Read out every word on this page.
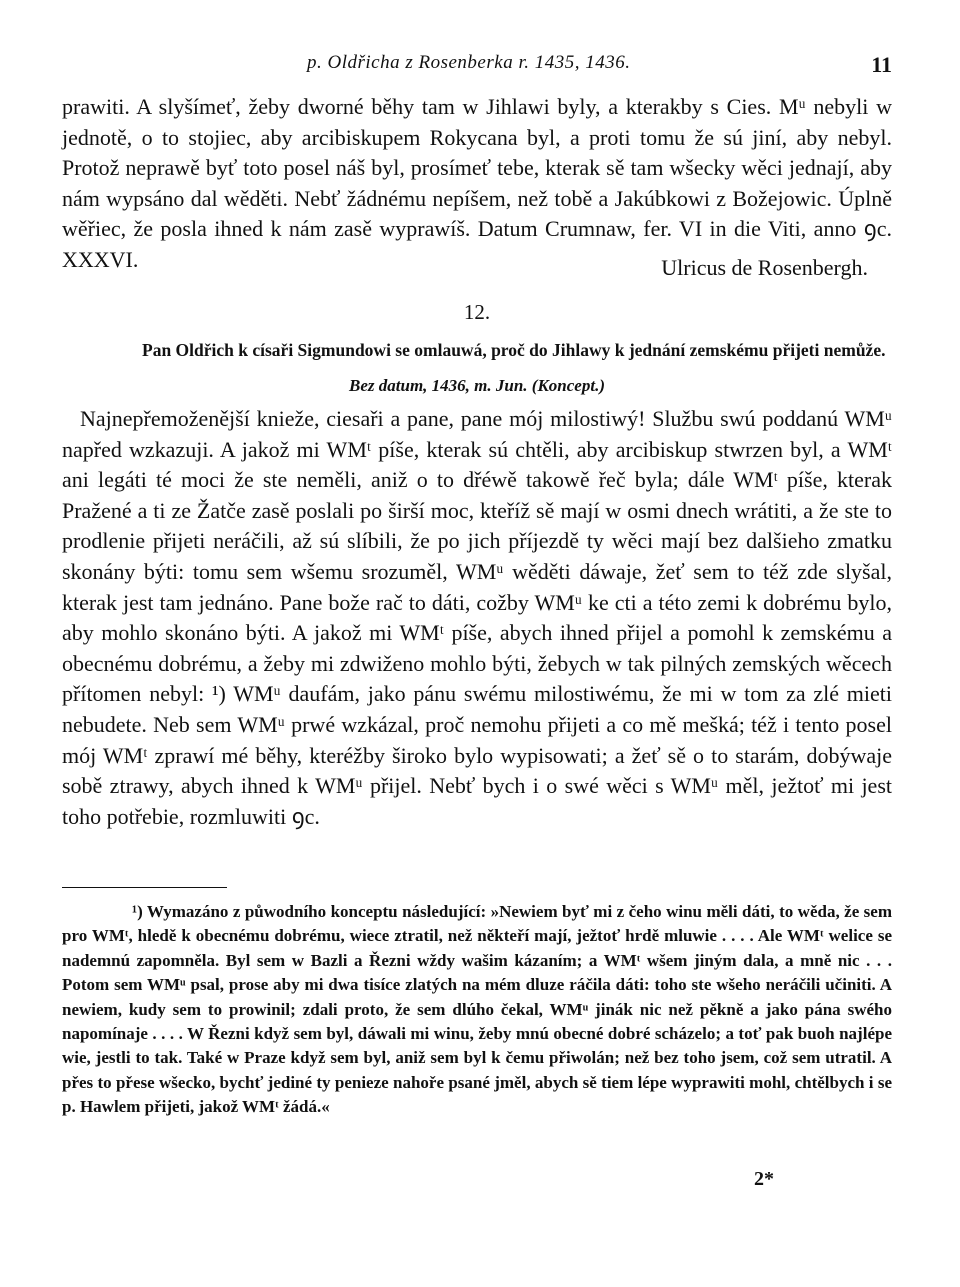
p. Oldřicha z Rosenberka r. 1435, 1436.	11

prawiti. A slyšímeť, žeby dworné běhy tam w Jihlawi byly, a kterakby s Cies. Mᵘ nebyli w jednotě, o to stojiec, aby arcibiskupem Rokycana byl, a proti tomu že sú jiní, aby nebyl. Protož neprawě byť toto posel náš byl, prosímeť tebe, kterak sě tam wšecky wěci jednají, aby nám wypsáno dal wěděti. Nebť žádnému nepíšem, než tobě a Jakúbkowi z Božejowic. Úplně wěřiec, že posla ihned k nám zasě wyprawíš. Datum Crumnaw, fer. VI in die Viti, anno ꝯc. XXXVI.	Ulricus de Rosenbergh.
12.

Pan Oldřich k císaři Sigmundowi se omlauwá, proč do Jihlawy k jednání zemskému přijeti nemůže.

Bez datum, 1436, m. Jun. (Koncept.)

Najnepřemoženější knieže, ciesaři a pane, pane mój milostiwý! Službu swú poddanú WMᵘ napřed wzkazuji. A jakož mi WMᵗ píše, kterak sú chtěli, aby arcibiskup stwrzen byl, a WMᵗ ani legáti té moci že ste neměli, aniž o to dřéwě takowě řeč byla; dále WMᵗ píše, kterak Pražené a ti ze Žatče zasě poslali po širší moc, kteříž sě mají w osmi dnech wrátiti, a že ste to prodlenie přijeti neráčili, až sú slíbili, že po jich příjezdě ty wěci mají bez dalšieho zmatku skonány býti: tomu sem wšemu srozuměl, WMᵘ wěděti dáwaje, žeť sem to též zde slyšal, kterak jest tam jednáno. Pane bože rač to dáti, cožby WMᵘ ke cti a této zemi k dobrému bylo, aby mohlo skonáno býti. A jakož mi WMᵗ píše, abych ihned přijel a pomohl k zemskému a obecnému dobrému, a žeby mi zdwiženo mohlo býti, žebych w tak pilných zemských wěcech přítomen nebyl: ¹) WMᵘ daufám, jako pánu swému milostiwému, že mi w tom za zlé mieti nebudete. Neb sem WMᵘ prwé wzkázal, proč nemohu přijeti a co mě mešká; též i tento posel mój WMᵗ zprawí mé běhy, kteréžby široko bylo wypisowati; a žeť sě o to starám, dobýwaje sobě ztrawy, abych ihned k WMᵘ přijel. Nebť bych i o swé wěci s WMᵘ měl, ježtoť mi jest toho potřebie, rozmluwiti ꝯc.

¹) Wymazáno z půwodního konceptu následující: »Newiem byť mi z čeho winu měli dáti, to wěda, že sem pro WMᵗ, hledě k obecnému dobrému, wiece ztratil, než někteří mají, ježtoť hrdě mluwie . . . . Ale WMᵗ welice se nademnú zapomněla. Byl sem w Bazli a Řezni wždy wašim kázaním; a WMᵗ wšem jiným dala, a mně nic . . . Potom sem WMᵘ psal, prose aby mi dwa tisíce zlatých na mém dluze ráčila dáti: toho ste wšeho neráčili učiniti. A newiem, kudy sem to prowinil; zdali proto, že sem dlúho čekal, WMᵘ jinák nic než pěkně a jako pána swého napomínaje . . . . W Řezni když sem byl, dáwali mi winu, žeby mnú obecné dobré scházelo; a toť pak buoh najlépe wie, jestli to tak. Také w Praze když sem byl, aniž sem byl k čemu přiwolán; než bez toho jsem, což sem utratil. A přes to přese wšecko, bychť jediné ty penieze nahoře psané jměl, abych sě tiem lépe wyprawiti mohl, chtělbych i se p. Hawlem přijeti, jakož WMᵗ žádá.«

2*
